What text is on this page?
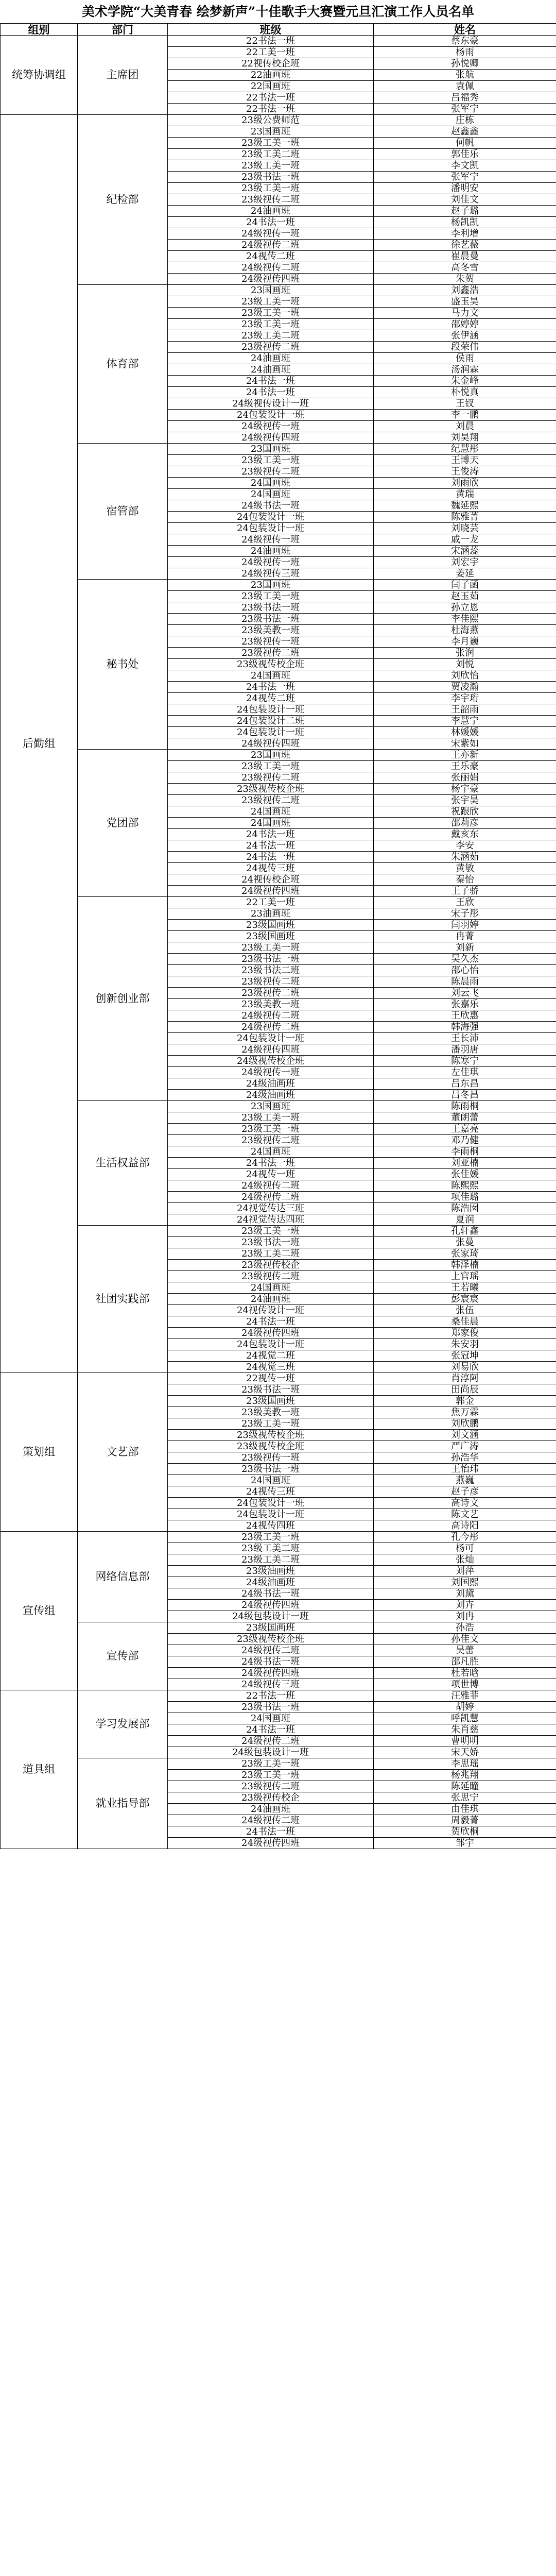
美术学院“大美青春 绘梦新声”十佳歌手大赛暨元旦汇演工作人员名单
组别	部门	班级	姓名
统筹协调组	主席团	22书法一班	蔡东豪
		22工美一班	杨雨
		22视传校企班	孙悦卿
		22油画班	张航
		22国画班	袁佩
		22书法一班	吕福秀
		22书法一班	张军宁
后勤组	纪检部	23级公费师范	庄栋
		23国画班	赵鑫鑫
		23级工美一班	何帆
		23级工美二班	郭佳乐
		23级工美一班	李文凯
		23级书法一班	张军宁
		23级工美一班	潘明安
		23级视传二班	刘佳文
		24油画班	赵子璐
		24书法一班	杨凯凯
		24级视传一班	李利增
		24级视传二班	徐艺薇
		24视传二班	崔晨曼
		24级视传二班	高冬雪
		24级视传四班	朱贺
	体育部	23国画班	刘鑫浩
		23级工美一班	盛玉昊
		23级工美一班	马力文
		23级工美一班	邵婷婷
		23级工美二班	张伊涵
		23级视传二班	段荣伟
		24油画班	侯雨
		24油画班	汤润霖
		24书法一班	朱金峰
		24书法一班	朴悦真
		24级视传设计一班	王钗
		24包装设计一班	李一鹏
		24级视传一班	刘晨
		24级视传四班	刘昊翔
	宿管部	23国画班	纪慧彤
		23级工美一班	王博天
		23级视传二班	王俊涛
		24国画班	刘雨欣
		24国画班	黄瑞
		24级书法一班	魏延熙
		24包装设计一班	陈雅菁
		24包装设计一班	刘晓芸
		24级视传一班	戚一龙
		24油画班	宋涵蕊
		24级视传一班	刘宏宇
		24级视传三班	姜延
	秘书处	23国画班	闫子函
		23级工美一班	赵玉茹
		23级书法一班	孙立恩
		23级书法一班	李佳熙
		23级美教一班	杜海燕
		23级视传一班	李月巍
		23级视传二班	张润
		23级视传校企班	刘悦
		24国画班	刘欣怡
		24书法一班	贾凌瀚
		24视传二班	李宇珩
		24包装设计一班	王韶雨
		24包装设计二班	李慧宁
		24包装设计一班	林媛媛
		24级视传四班	宋紫如
	党团部	23国画班	王亦新
		23级工美一班	王乐豪
		23级视传二班	张丽娟
		23级视传校企班	杨宇豪
		23级视传二班	张宇昊
		24国画班	祝跟欣
		24国画班	邵莉彦
		24书法一班	戴亥东
		24书法一班	李安
		24书法一班	朱涵茹
		24视传三班	黄敏
		24视传校企班	秦怡
		24级视传四班	王子骄
	创新创业部	22工美一班	王欣
		23油画班	宋子彤
		23级国画班	闫羽婷
		23级国画班	冉菁
		23级工美一班	刘新
		23级书法一班	吴久杰
		23级书法二班	邵心怡
		23级视传二班	陈晨雨
		23级视传二班	刘云飞
		23级美教一班	张嘉乐
		24级视传二班	王欣惠
		24级视传二班	韩海强
		24包装设计一班	王长沛
		24级视传四班	潘羽唐
		24级视传校企班	陈寒宁
		24级视传一班	左佳琪
		24级油画班	吕东昌
		24级油画班	吕冬昌
	生活权益部	23国画班	陈雨桐
		23级工美一班	董朗蕾
		23级工美一班	王嘉亮
		23级视传二班	邓乃健
		24国画班	李雨桐
		24书法一班	刘亚楠
		24视传一班	张佳媛
		24级视传二班	陈熙熙
		24级视传二班	项佳璐
		24视觉传达三班	陈浩囡
		24视觉传达四班	夏润
	社团实践部	23级工美一班	孔轩鑫
		23级书法一班	张曼
		23级工美二班	张家琦
		23级视传校企	韩泽楠
		23级视传二班	上官瑶
		24国画班	王若曦
		24油画班	彭宸宸
		24视传设计一班	张伍
		24书法一班	桑佳晨
		24级视传四班	郑家俊
		24包装设计一班	朱安羽
		24视觉二班	张冠坤
		24视觉三班	刘易欣
策划组	文艺部	22视传一班	肖淳阿
		23级书法一班	田尚辰
		23级国画班	郭金
		23级美教一班	焦万霖
		23级工美一班	刘欣鹏
		23级视传校企班	刘文涵
		23级视传校企班	严广涛
		23级视传一班	孙浩华
		23级书法一班	王怡玮
		24国画班	燕巍
		24视传三班	赵子彦
		24包装设计一班	高诗文
		24包装设计一班	陈文艺
		24视传四班	高诗阳
宣传组	网络信息部	23级工美一班	孔今彤
		23级工美二班	杨可
		23级工美二班	张灿
		23级油画班	刘萍
		24级油画班	刘国熙
		24级书法一班	刘黛
		24级视传四班	刘卉
		24级包装设计一班	刘冉
	宣传部	23级国画班	孙浩
		23级视传校企班	孙佳文
		24级视传二班	吴蕾
		24级书法一班	邵凡胜
		24级视传四班	杜若晗
		24级视传三班	项世博
道具组	学习发展部	22书法一班	汪雅菲
		23级书法一班	胡婷
		24国画班	呼凯慧
		24书法一班	朱肖慈
		24级视传二班	曹明明
		24级包装设计一班	宋天娇
	就业指导部	23级工美一班	李思瑶
		23级工美一班	杨兆翔
		23级视传二班	陈延瞳
		23级视传校企	张思宁
		24油画班	由佳琪
		24级视传二班	周毅菁
		24书法一班	贺欣桐
		24级视传四班	邹宇
